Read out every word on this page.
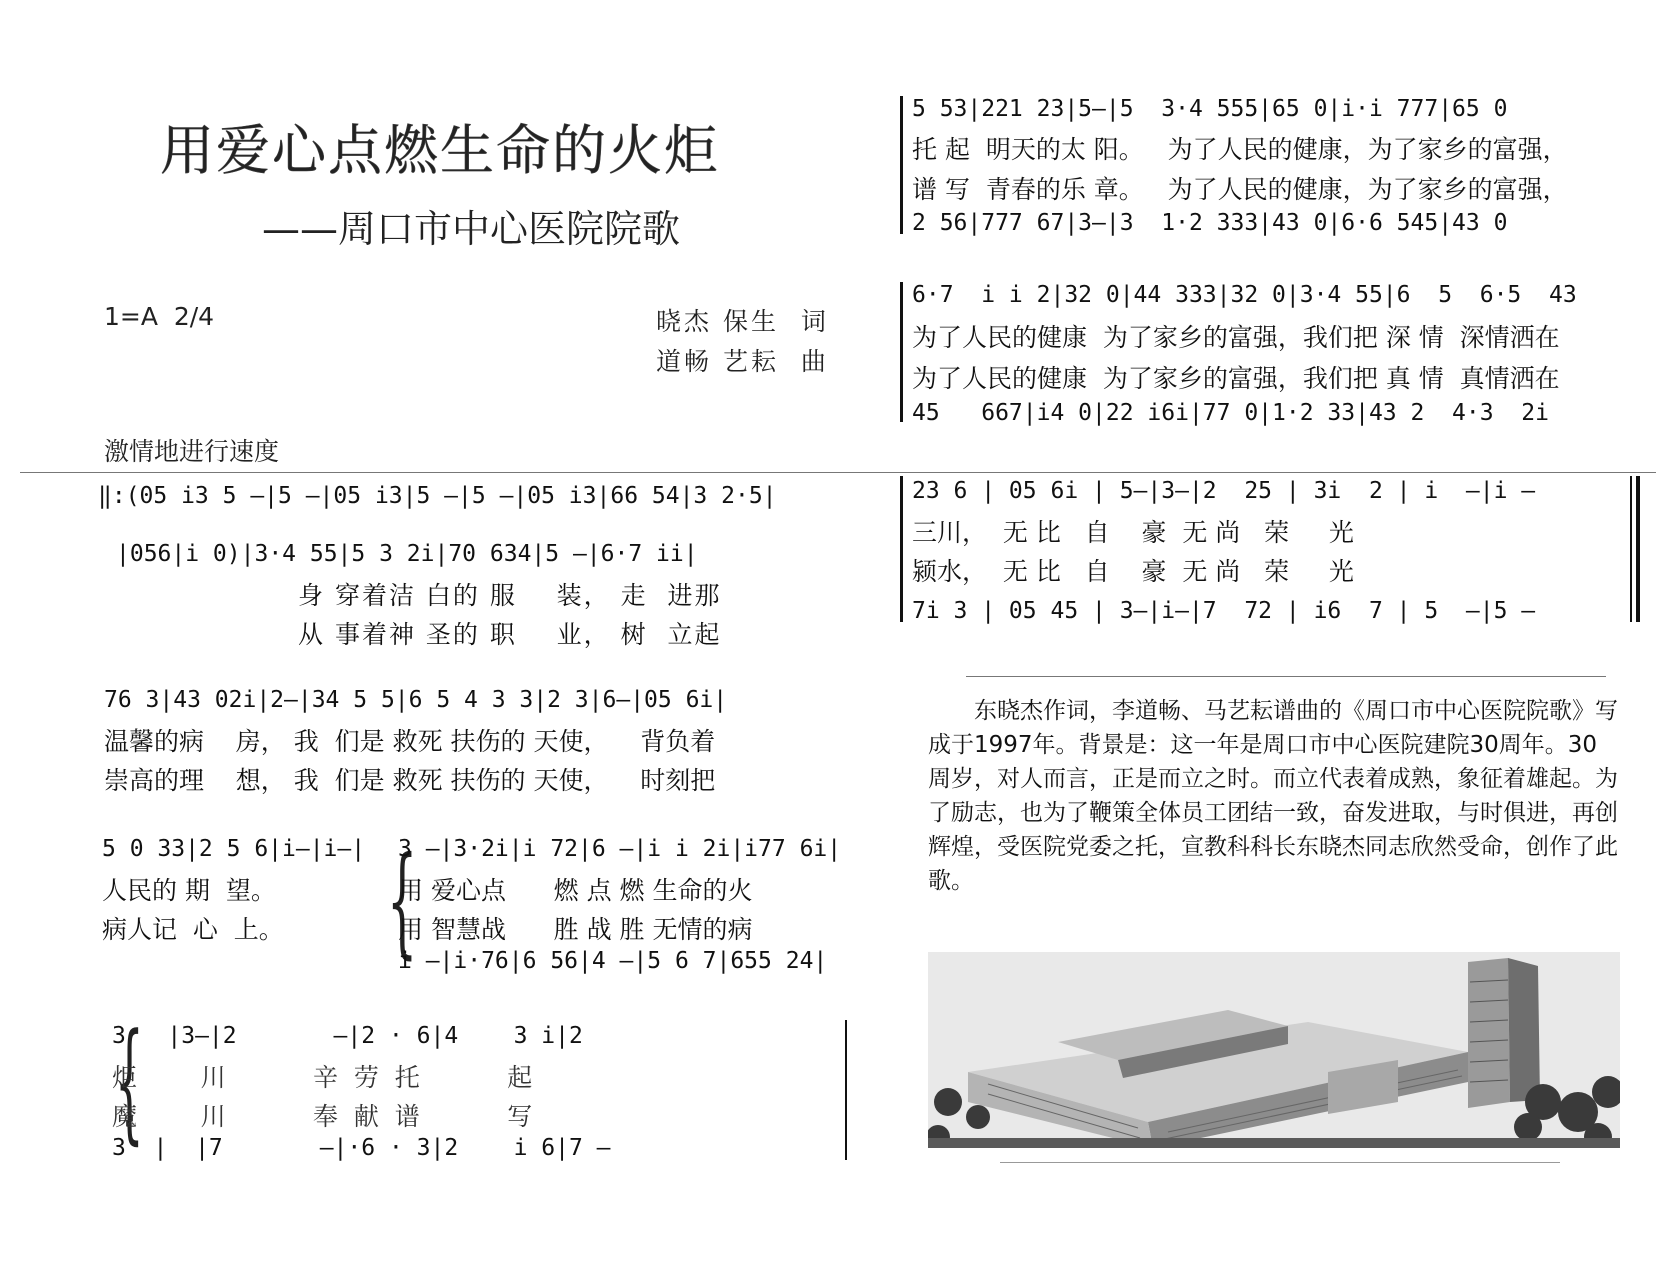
用爱心点燃生命的火炬
——周口市中心医院院歌
1=A  2/4	晓杰 保生  词
道畅 艺耘  曲
激情地进行速度
‖:(05 i3 5 —|5 —|05 i3|5 —|5 —|05 i3|66 54|3 2·5|
|056|i 0)|3·4 55|5 3 2i|70 634|5 —|6·7 ii|
身 穿着洁 白的 服    装， 走  进那
从 事着神 圣的 职    业， 树  立起
76 3|43 02i|2—|34 5 5|6 5 4 3 3|2 3|6—|05 6i|
温馨的病    房， 我  们是 救死 扶伤的 天使，    背负着
崇高的理    想， 我  们是 救死 扶伤的 天使，    时刻把
5 0 33|2 5 6|i—|i—|
人民的 期  望。
病人记  心  上。 {
3 —|3·2i|i 72|6 —|i i 2i|i77 6i|
用 爱心点      燃 点 燃 生命的火
用 智慧战      胜 战 胜 无情的病
i —|i·76|6 56|4 —|5 6 7|655 24|
{
3   |3—|2       —|2 · 6|4    3 i|2
炬        川           辛  劳  托           起
魔        川           奉  献  谱           写
3  |  |7       —|·6 · 3|2    i 6|7 —
5 53|221 23|5—|5  3·4 555|65 0|i·i 777|65 0
托 起  明天的太 阳。   为了人民的健康，为了家乡的富强，
谱 写  青春的乐 章。   为了人民的健康，为了家乡的富强，
2 56|777 67|3—|3  1·2 333|43 0|6·6 545|43 0
6·7  i i 2|32 0|44 333|32 0|3·4 55|6  5  6·5  43
为了人民的健康  为了家乡的富强，我们把 深 情  深情洒在
为了人民的健康  为了家乡的富强，我们把 真 情  真情洒在
45   667|i4 0|22 i6i|77 0|1·2 33|43 2  4·3  2i
23 6 | 05 6i | 5—|3—|2  25 | 3i  2 | i  —|i —
三川，  无 比   自    豪  无 尚   荣     光
颍水，  无 比   自    豪  无 尚   荣     光
7i 3 | 05 45 | 3—|i—|7  72 | i6  7 | 5  —|5 —
东晓杰作词，李道畅、马艺耘谱曲的《周口市中心医院院歌》写成于1997年。背景是：这一年是周口市中心医院建院30周年。30周岁，对人而言，正是而立之时。而立代表着成熟，象征着雄起。为了励志，也为了鞭策全体员工团结一致，奋发进取，与时俱进，再创辉煌，受医院党委之托，宣教科科长东晓杰同志欣然受命，创作了此歌。
